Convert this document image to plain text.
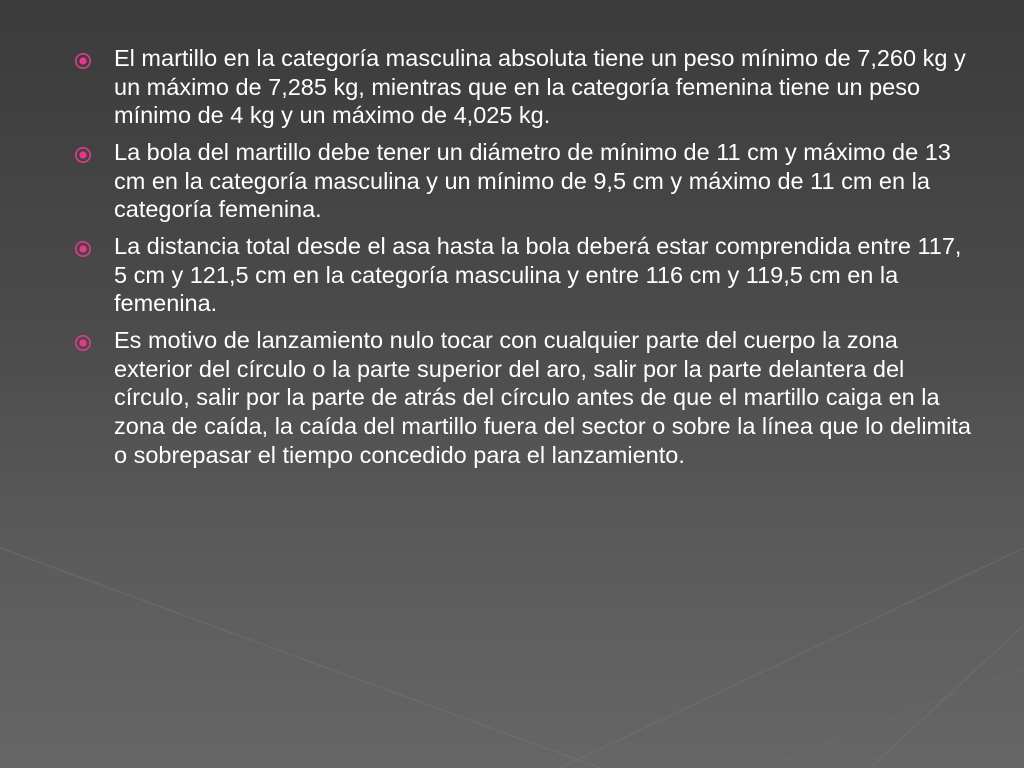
El martillo en la categoría masculina absoluta tiene un peso mínimo de 7,260 kg y un máximo de 7,285 kg, mientras que en la categoría femenina tiene un peso mínimo de 4 kg y un máximo de 4,025 kg.
La bola del martillo debe tener un diámetro de mínimo de 11 cm y máximo de 13 cm en la categoría masculina y un mínimo de 9,5 cm y máximo de 11 cm en la categoría femenina.
La distancia total desde el asa hasta la bola deberá estar comprendida entre 117, 5 cm y 121,5 cm en la categoría masculina y entre 116 cm y 119,5 cm en la femenina.
Es motivo de lanzamiento nulo tocar con cualquier parte del cuerpo la zona exterior del círculo o la parte superior del aro, salir por la parte delantera del círculo, salir por la parte de atrás del círculo antes de que el martillo caiga en la zona de caída, la caída del martillo fuera del sector o sobre la línea que lo delimita o sobrepasar el tiempo concedido para el lanzamiento.
